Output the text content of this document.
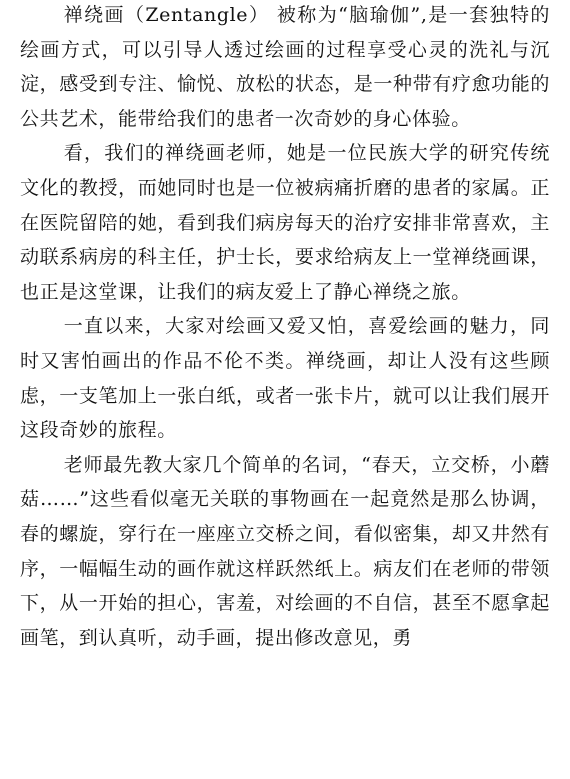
禅绕画（Zentangle） 被称为“脑瑜伽”,是一套独特的绘画方式，可以引导人透过绘画的过程享受心灵的洗礼与沉淀，感受到专注、愉悦、放松的状态，是一种带有疗愈功能的公共艺术，能带给我们的患者一次奇妙的身心体验。

看，我们的禅绕画老师，她是一位民族大学的研究传统文化的教授，而她同时也是一位被病痛折磨的患者的家属。正在医院留陪的她，看到我们病房每天的治疗安排非常喜欢，主动联系病房的科主任，护士长，要求给病友上一堂禅绕画课，也正是这堂课，让我们的病友爱上了静心禅绕之旅。

一直以来，大家对绘画又爱又怕，喜爱绘画的魅力，同时又害怕画出的作品不伦不类。禅绕画，却让人没有这些顾虑，一支笔加上一张白纸，或者一张卡片，就可以让我们展开这段奇妙的旅程。

老师最先教大家几个简单的名词，“春天，立交桥，小蘑菇……”这些看似毫无关联的事物画在一起竟然是那么协调，春的螺旋，穿行在一座座立交桥之间，看似密集，却又井然有序，一幅幅生动的画作就这样跃然纸上。病友们在老师的带领下，从一开始的担心，害羞，对绘画的不自信，甚至不愿拿起画笔，到认真听，动手画，提出修改意见，勇
